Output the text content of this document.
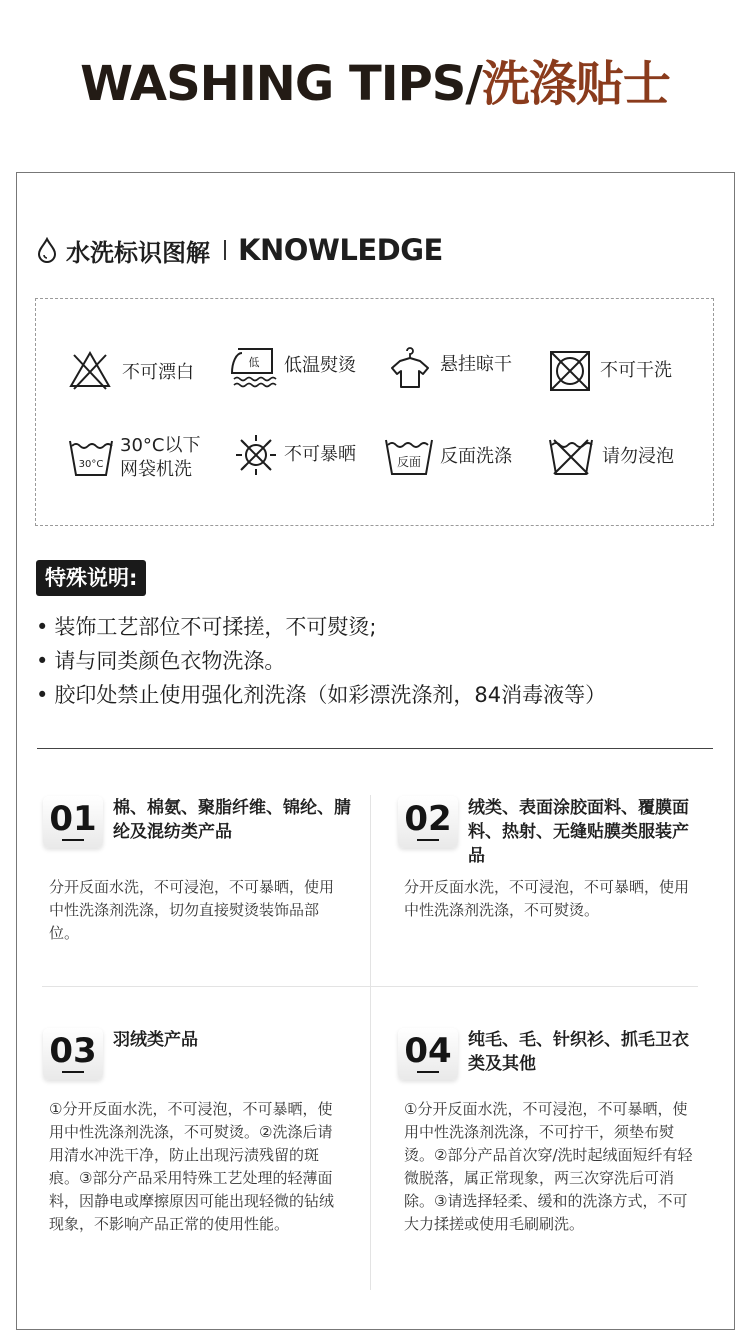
WASHING TIPS/洗涤贴士
水洗标识图解 KNOWLEDGE
不可漂白	低 低温熨烫	悬挂晾干	不可干洗
30°C
30°C以下
网袋机洗
不可暴晒	反面 反面洗涤	请勿浸泡
特殊说明:
• 装饰工艺部位不可揉搓，不可熨烫;
• 请与同类颜色衣物洗涤。
• 胶印处禁止使用强化剂洗涤（如彩漂洗涤剂，84消毒液等）
01 棉、棉氨、聚脂纤维、锦纶、腈纶及混纺类产品
分开反面水洗，不可浸泡，不可暴晒，使用中性洗涤剂洗涤，切勿直接熨烫装饰品部位。
02 绒类、表面涂胶面料、覆膜面料、热射、无缝贴膜类服装产品
分开反面水洗，不可浸泡，不可暴晒，使用中性洗涤剂洗涤，不可熨烫。
03 羽绒类产品
①分开反面水洗，不可浸泡，不可暴晒，使用中性洗涤剂洗涤，不可熨烫。②洗涤后请用清水冲洗干净，防止出现污渍残留的斑痕。③部分产品采用特殊工艺处理的轻薄面料，因静电或摩擦原因可能出现轻微的钻绒现象，不影响产品正常的使用性能。
04 纯毛、毛、针织衫、抓毛卫衣类及其他
①分开反面水洗，不可浸泡，不可暴晒，使用中性洗涤剂洗涤，不可拧干，须垫布熨烫。②部分产品首次穿/洗时起绒面短纤有轻微脱落，属正常现象，两三次穿洗后可消除。③请选择轻柔、缓和的洗涤方式，不可大力揉搓或使用毛刷刷洗。
